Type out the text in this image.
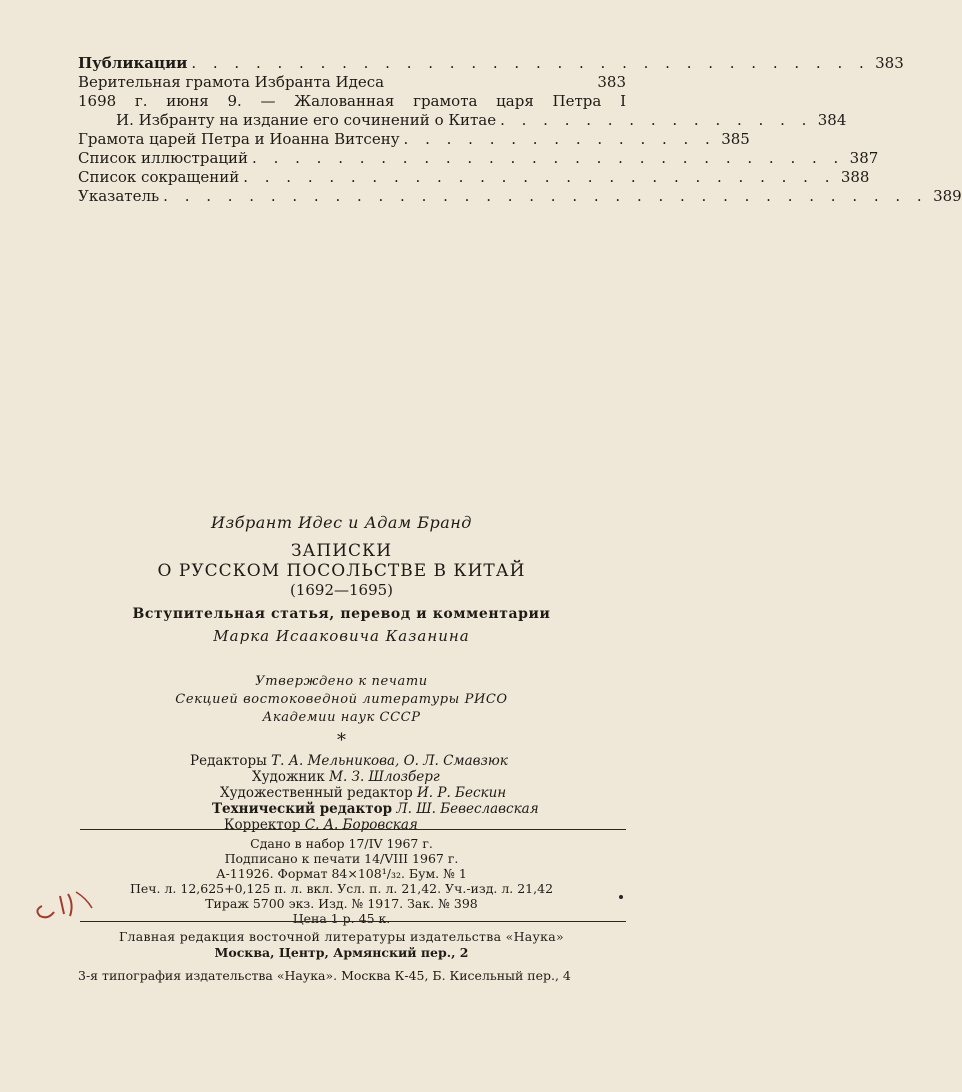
Публикации . . . . . . . . . . . . . . . . . . . . . . . . . . . . . . . . 383
Верительная грамота Избранта Идеса	383
1698 г. июня 9. — Жалованная грамота царя Петра I
И. Избранту на издание его сочинений о Китае . . . . . . . . . . . . . . . 384
Грамота царей Петра и Иоанна Витсену . . . . . . . . . . . . . . . 385
Список иллюстраций . . . . . . . . . . . . . . . . . . . . . . . . . . . . 387
Список сокращений . . . . . . . . . . . . . . . . . . . . . . . . . . . . 388
Указатель . . . . . . . . . . . . . . . . . . . . . . . . . . . . . . . . . . . . 389
Избрант Идес и Адам Бранд
ЗАПИСКИ
О РУССКОМ ПОСОЛЬСТВЕ В КИТАЙ
(1692—1695)
Вступительная статья, перевод и комментарии
Марка Исааковича Казанина
Утверждено к печати
Секцией востоковедной литературы РИСО
Академии наук СССР
*
Редакторы Т. А. Мельникова, О. Л. Смавзюк
Художник М. З. Шлозберг
Художественный редактор И. Р. Бескин
Технический редактор Л. Ш. Бевеславская
Корректор С. А. Боровская
Сдано в набор 17/IV 1967 г.
Подписано к печати 14/VIII 1967 г.
А-11926. Формат 84×108¹/₃₂. Бум. № 1
Печ. л. 12,625+0,125 п. л. вкл. Усл. п. л. 21,42. Уч.-изд. л. 21,42
Тираж 5700 экз. Изд. № 1917. Зак. № 398
Цена 1 р. 45 к.
Главная редакция восточной литературы издательства «Наука»
Москва, Центр, Армянский пер., 2
3-я типография издательства «Наука». Москва К-45, Б. Кисельный пер., 4
